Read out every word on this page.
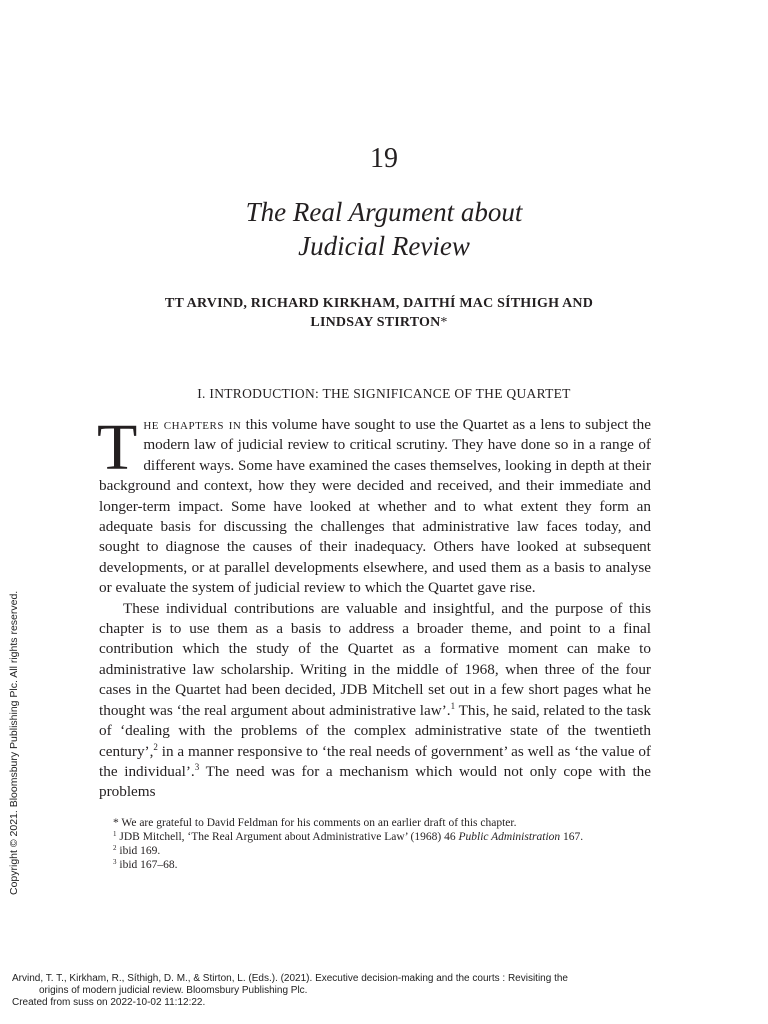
19
The Real Argument about
Judicial Review
TT ARVIND, RICHARD KIRKHAM, DAITHÍ MAC SÍTHIGH AND
LINDSAY STIRTON*
I. INTRODUCTION: THE SIGNIFICANCE OF THE QUARTET

The chapters in this volume have sought to use the Quartet as a lens to subject the modern law of judicial review to critical scrutiny. They have done so in a range of different ways. Some have examined the cases themselves, looking in depth at their background and context, how they were decided and received, and their immediate and longer-term impact. Some have looked at whether and to what extent they form an adequate basis for discussing the challenges that administrative law faces today, and sought to diagnose the causes of their inadequacy. Others have looked at subsequent developments, or at parallel developments elsewhere, and used them as a basis to analyse or evaluate the system of judicial review to which the Quartet gave rise.

These individual contributions are valuable and insightful, and the purpose of this chapter is to use them as a basis to address a broader theme, and point to a final contribution which the study of the Quartet as a formative moment can make to administrative law scholarship. Writing in the middle of 1968, when three of the four cases in the Quartet had been decided, JDB Mitchell set out in a few short pages what he thought was ‘the real argument about administrative law’.$^1$ This, he said, related to the task of ‘dealing with the problems of the complex administrative state of the twentieth century’,$^2$ in a manner responsive to ‘the real needs of government’ as well as ‘the value of the individual’.$^3$ The need was for a mechanism which would not only cope with the problems

* We are grateful to David Feldman for his comments on an earlier draft of this chapter.
$^1$ JDB Mitchell, ‘The Real Argument about Administrative Law’ (1968) 46 Public Administration 167.
$^2$ ibid 169.
$^3$ ibid 167–68.
Copyright © 2021. Bloomsbury Publishing Plc. All rights reserved.
Arvind, T. T., Kirkham, R., Síthigh, D. M., & Stirton, L. (Eds.). (2021). Executive decision-making and the courts : Revisiting the
origins of modern judicial review. Bloomsbury Publishing Plc.
Created from suss on 2022-10-02 11:12:22.
